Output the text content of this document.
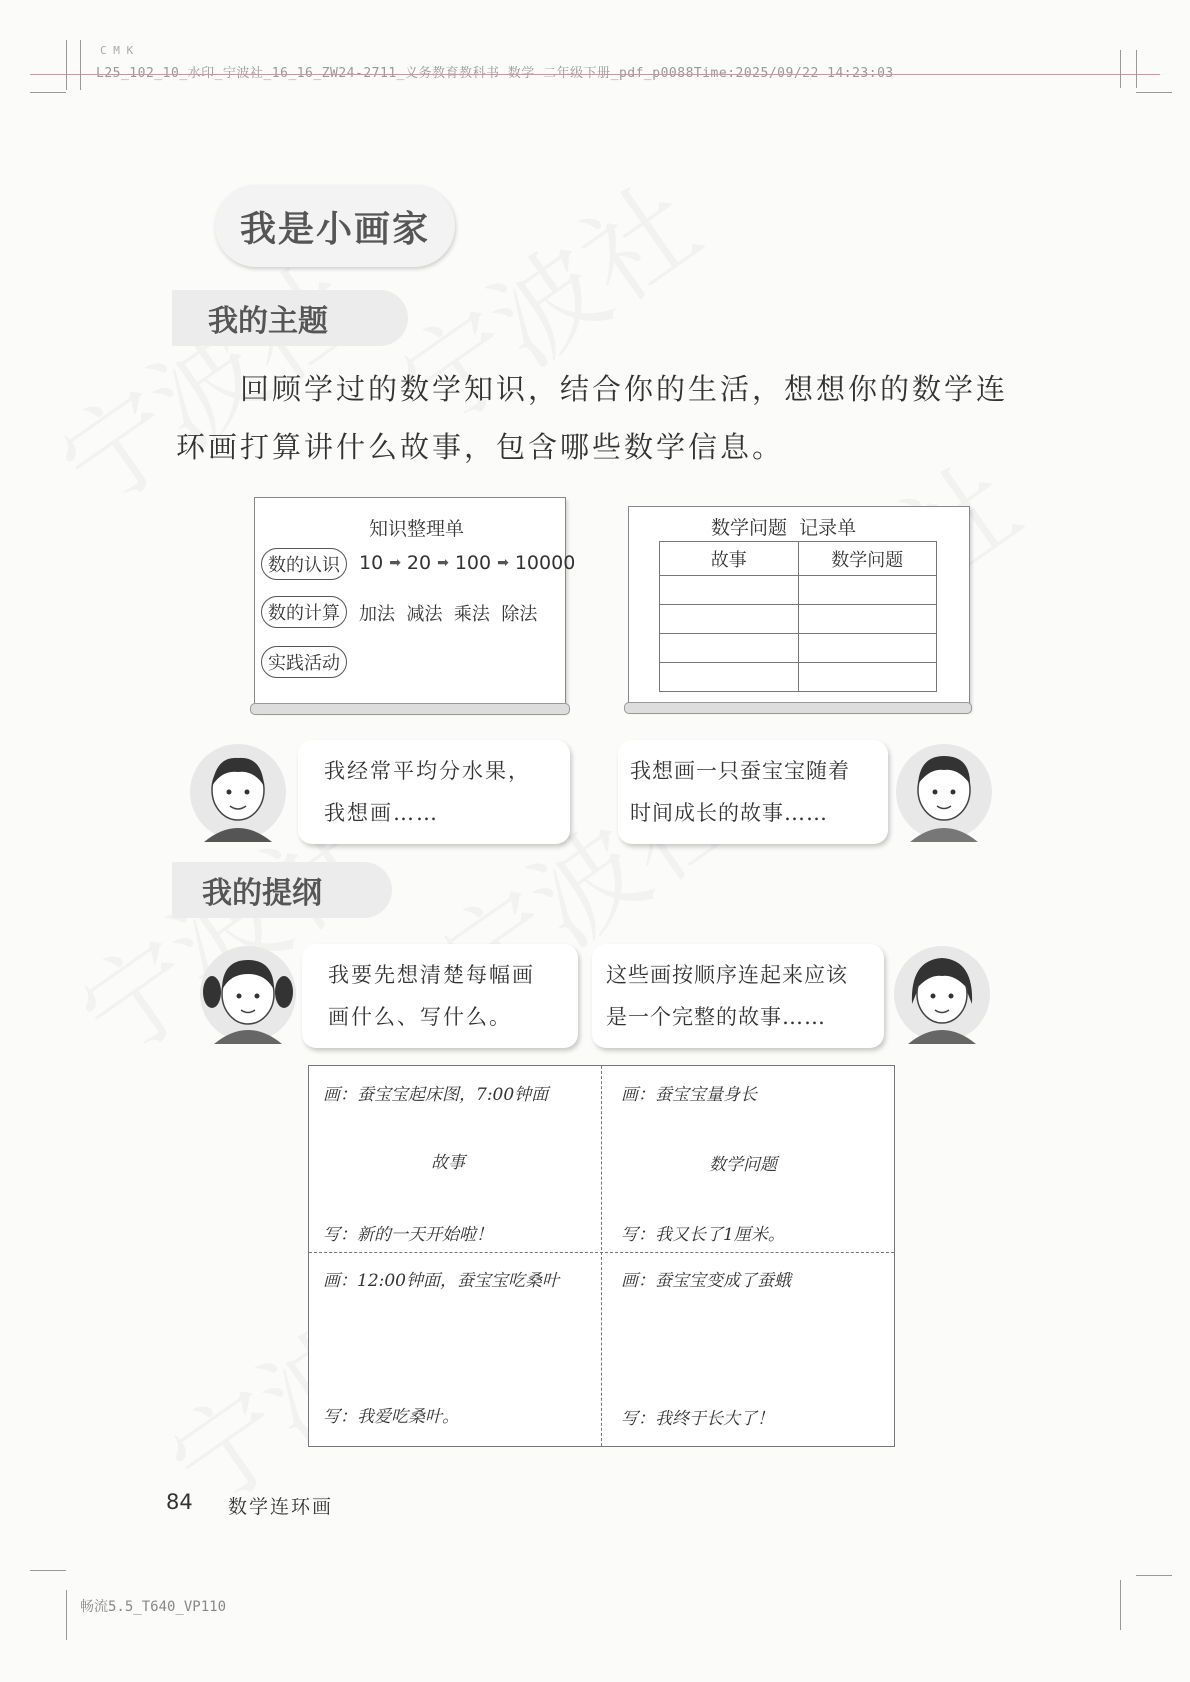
C M K
L25_102_10_水印_宁波社_16_16_ZW24-2711_义务教育教科书 数学 二年级下册_pdf_p0088Time:2025/09/22 14:23:03
我是小画家
我的主题
回顾学过的数学知识，结合你的生活，想想你的数学连
环画打算讲什么故事，包含哪些数学信息。
知识整理单
数的认识	10 ➡ 20 ➡ 100 ➡ 10000
数的计算	加法  减法  乘法  除法
实践活动
数学问题  记录单
故事	数学问题

我经常平均分水果，
我想画……
我想画一只蚕宝宝随着
时间成长的故事……
我的提纲
我要先想清楚每幅画
画什么、写什么。
这些画按顺序连起来应该
是一个完整的故事……
画：蚕宝宝起床图，7:00钟面
故事
写：新的一天开始啦！
画：蚕宝宝量身长
数学问题
写：我又长了1厘米。
画：12:00钟面，蚕宝宝吃桑叶
写：我爱吃桑叶。
画：蚕宝宝变成了蚕蛾
写：我终于长大了！
84 数学连环画
畅流5.5_T640_VP110
